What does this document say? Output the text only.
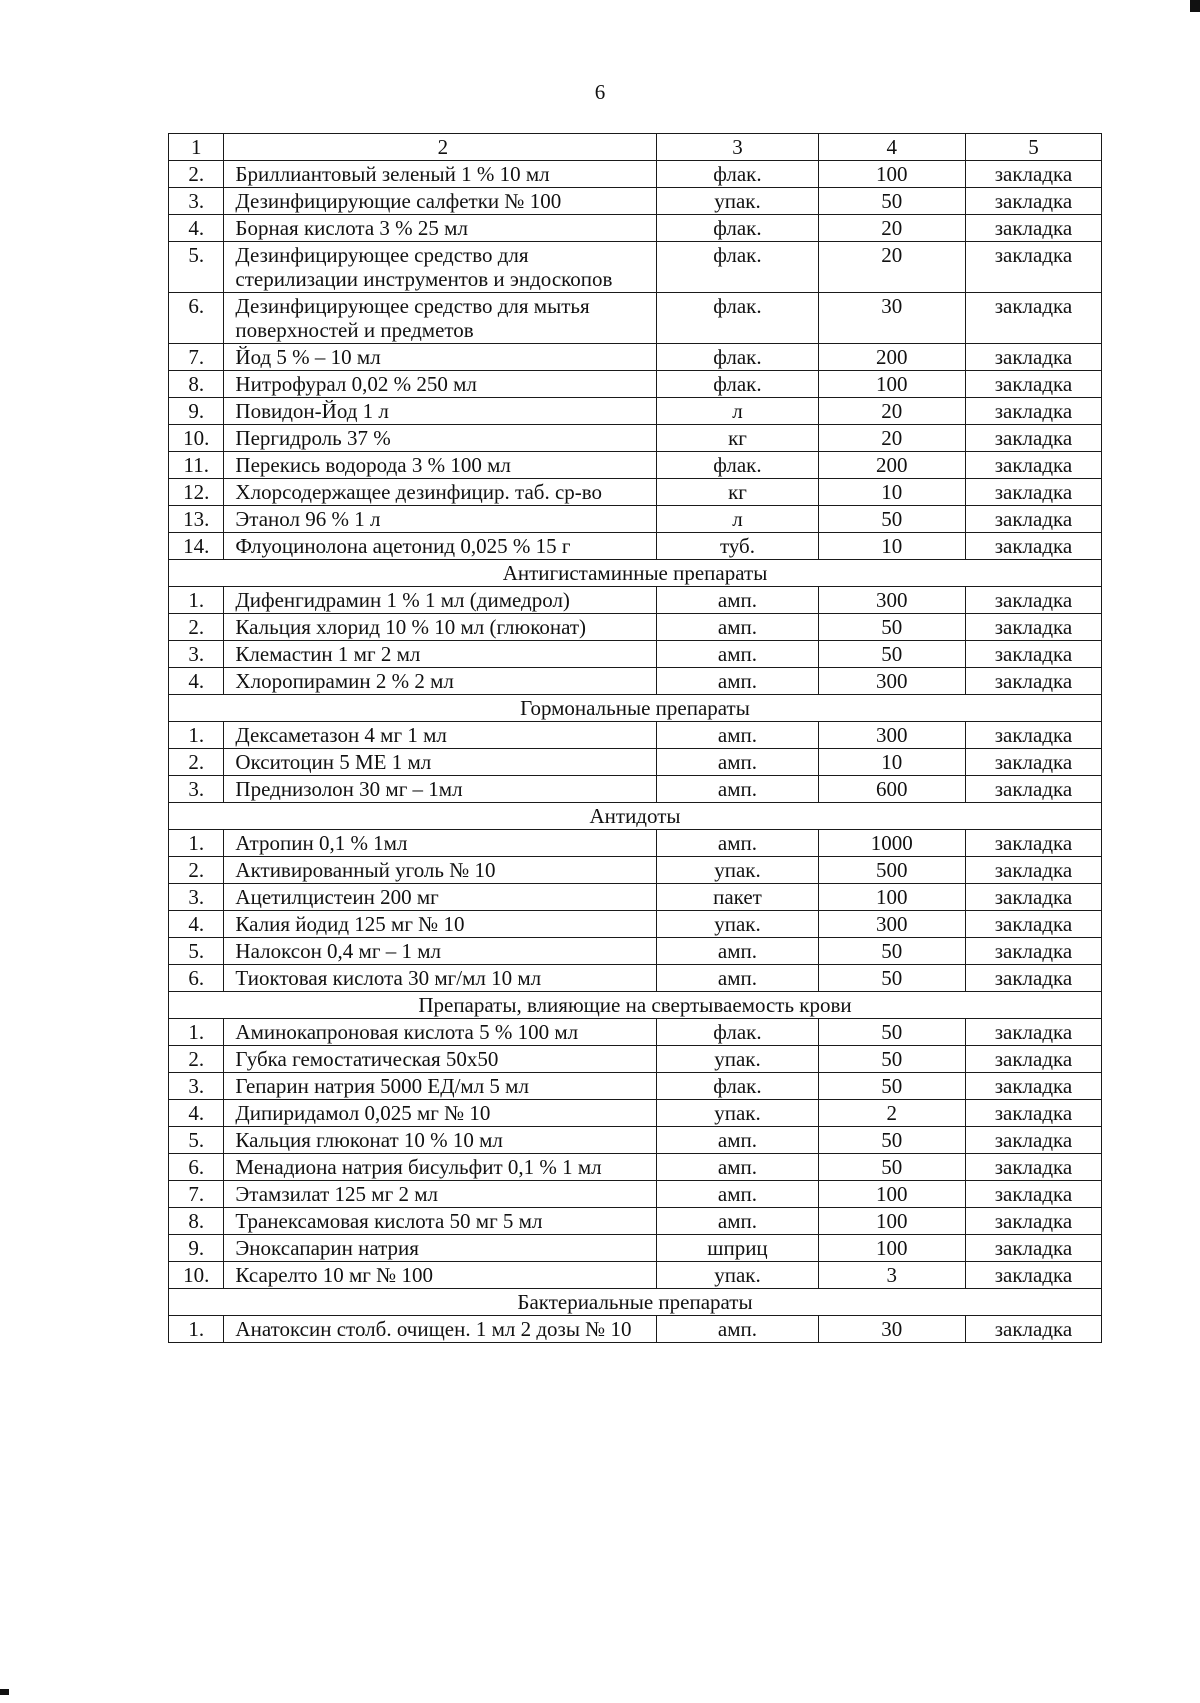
6
1	2	3	4	5
2.	Бриллиантовый зеленый 1 % 10 мл	флак.	100	закладка
3.	Дезинфицирующие салфетки № 100	упак.	50	закладка
4.	Борная кислота 3 % 25 мл	флак.	20	закладка
5.	Дезинфицирующее средство для стерилизации инструментов и эндоскопов	флак.	20	закладка
6.	Дезинфицирующее средство для мытья поверхностей и предметов	флак.	30	закладка
7.	Йод 5 % – 10 мл	флак.	200	закладка
8.	Нитрофурал 0,02 % 250 мл	флак.	100	закладка
9.	Повидон-Йод 1 л	л	20	закладка
10.	Пергидроль 37 %	кг	20	закладка
11.	Перекись водорода 3 % 100 мл	флак.	200	закладка
12.	Хлорсодержащее дезинфицир. таб. ср-во	кг	10	закладка
13.	Этанол 96 % 1 л	л	50	закладка
14.	Флуоцинолона ацетонид 0,025 % 15 г	туб.	10	закладка
Антигистаминные препараты				
1.	Дифенгидрамин 1 % 1 мл (димедрол)	амп.	300	закладка
2.	Кальция хлорид 10 % 10 мл (глюконат)	амп.	50	закладка
3.	Клемастин 1 мг 2 мл	амп.	50	закладка
4.	Хлоропирамин 2 % 2 мл	амп.	300	закладка
Гормональные препараты				
1.	Дексаметазон 4 мг 1 мл	амп.	300	закладка
2.	Окситоцин 5 МЕ 1 мл	амп.	10	закладка
3.	Преднизолон 30 мг – 1мл	амп.	600	закладка
Антидоты				
1.	Атропин 0,1 % 1мл	амп.	1000	закладка
2.	Активированный уголь № 10	упак.	500	закладка
3.	Ацетилцистеин 200 мг	пакет	100	закладка
4.	Калия йодид 125 мг № 10	упак.	300	закладка
5.	Налоксон 0,4 мг – 1 мл	амп.	50	закладка
6.	Тиоктовая кислота 30 мг/мл 10 мл	амп.	50	закладка
Препараты, влияющие на свертываемость крови				
1.	Аминокапроновая кислота 5 % 100 мл	флак.	50	закладка
2.	Губка гемостатическая 50х50	упак.	50	закладка
3.	Гепарин натрия 5000 ЕД/мл 5 мл	флак.	50	закладка
4.	Дипиридамол 0,025 мг № 10	упак.	2	закладка
5.	Кальция глюконат 10 % 10 мл	амп.	50	закладка
6.	Менадиона натрия бисульфит 0,1 % 1 мл	амп.	50	закладка
7.	Этамзилат 125 мг 2 мл	амп.	100	закладка
8.	Транексамовая кислота 50 мг 5 мл	амп.	100	закладка
9.	Эноксапарин натрия	шприц	100	закладка
10.	Ксарелто 10 мг № 100	упак.	3	закладка
Бактериальные препараты				
1.	Анатоксин столб. очищен. 1 мл 2 дозы № 10	амп.	30	закладка
